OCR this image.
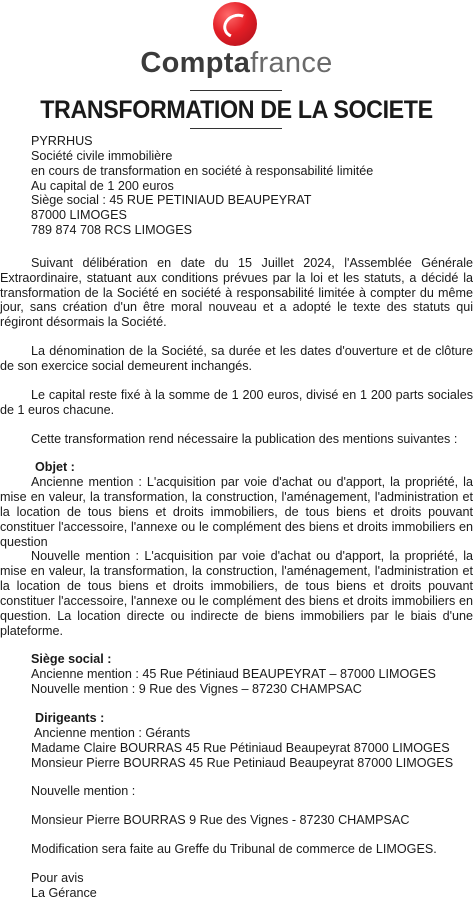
Comptafrance
TRANSFORMATION DE LA SOCIETE

PYRRHUS

Société civile immobilière

en cours de transformation en société à responsabilité limitée

Au capital de 1 200 euros

Siège social : 45 RUE PETINIAUD BEAUPEYRAT

87000 LIMOGES

789 874 708 RCS LIMOGES

Suivant délibération en date du 15 Juillet 2024, l'Assemblée Générale Extraordinaire, statuant aux conditions prévues par la loi et les statuts, a décidé la transformation de la Société en société à responsabilité limitée à compter du même jour, sans création d'un être moral nouveau et a adopté le texte des statuts qui régiront désormais la Société.

La dénomination de la Société, sa durée et les dates d'ouverture et de clôture de son exercice social demeurent inchangés.

Le capital reste fixé à la somme de 1 200 euros, divisé en 1 200 parts sociales de 1 euros chacune.

Cette transformation rend nécessaire la publication des mentions suivantes :

Objet :

Ancienne mention : L'acquisition par voie d'achat ou d'apport, la propriété, la mise en valeur, la transformation, la construction, l'aménagement, l'administration et la location de tous biens et droits immobiliers, de tous biens et droits pouvant constituer l'accessoire, l'annexe ou le complément des biens et droits immobiliers en question

Nouvelle mention : L'acquisition par voie d'achat ou d'apport, la propriété, la mise en valeur, la transformation, la construction, l'aménagement, l'administration et la location de tous biens et droits immobiliers, de tous biens et droits pouvant constituer l'accessoire, l'annexe ou le complément des biens et droits immobiliers en question. La location directe ou indirecte de biens immobiliers par le biais d'une plateforme.

Siège social :

Ancienne mention : 45 Rue Pétiniaud BEAUPEYRAT – 87000 LIMOGES

Nouvelle mention : 9 Rue des Vignes – 87230 CHAMPSAC

Dirigeants :

Ancienne mention : Gérants

Madame Claire BOURRAS 45 Rue Pétiniaud Beaupeyrat 87000 LIMOGES

Monsieur Pierre BOURRAS 45 Rue Petiniaud Beaupeyrat 87000 LIMOGES

Nouvelle mention :

Monsieur Pierre BOURRAS 9 Rue des Vignes - 87230 CHAMPSAC

Modification sera faite au Greffe du Tribunal de commerce de LIMOGES.

Pour avis

La Gérance
